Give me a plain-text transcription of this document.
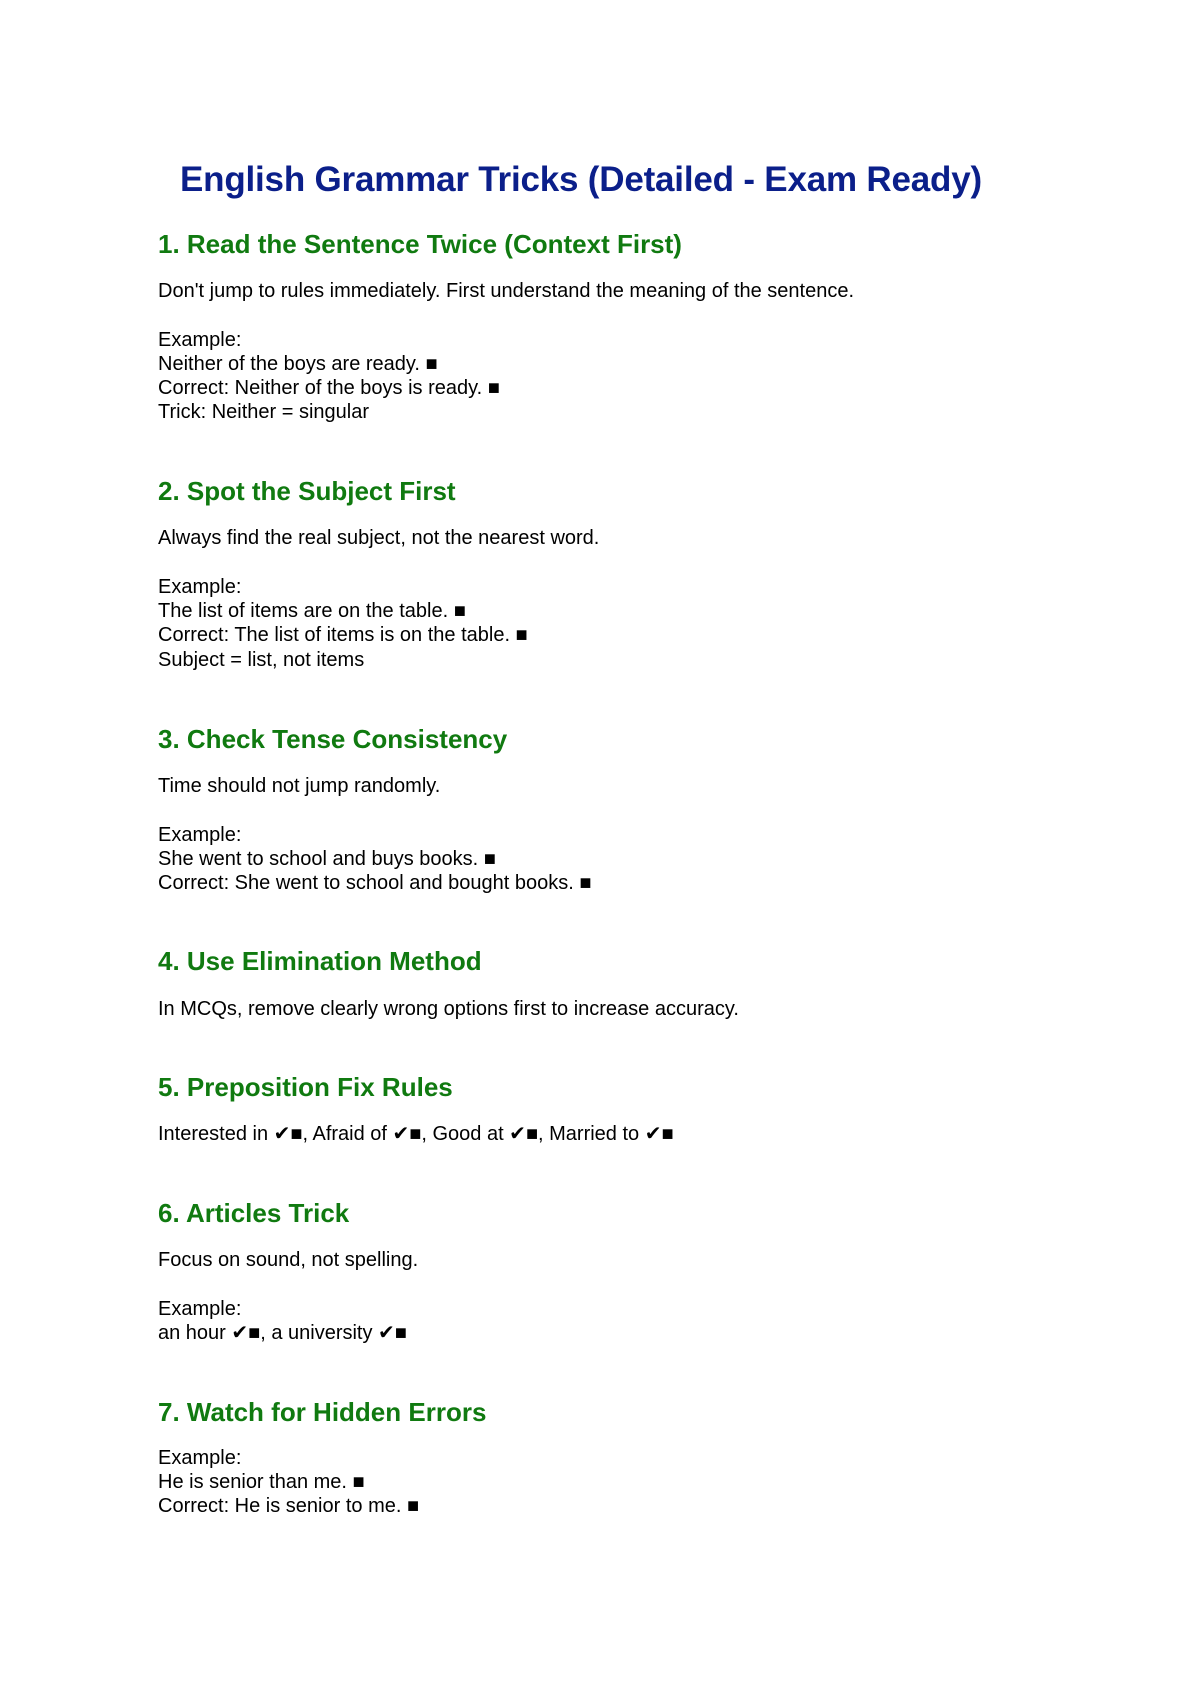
English Grammar Tricks (Detailed - Exam Ready)
1. Read the Sentence Twice (Context First)

Don't jump to rules immediately. First understand the meaning of the sentence.

Example:

Neither of the boys are ready. ■

Correct: Neither of the boys is ready. ■

Trick: Neither = singular

2. Spot the Subject First

Always find the real subject, not the nearest word.

Example:

The list of items are on the table. ■

Correct: The list of items is on the table. ■

Subject = list, not items

3. Check Tense Consistency

Time should not jump randomly.

Example:

She went to school and buys books. ■

Correct: She went to school and bought books. ■

4. Use Elimination Method

In MCQs, remove clearly wrong options first to increase accuracy.

5. Preposition Fix Rules

Interested in ✔■, Afraid of ✔■, Good at ✔■, Married to ✔■

6. Articles Trick

Focus on sound, not spelling.

Example:

an hour ✔■, a university ✔■

7. Watch for Hidden Errors

Example:

He is senior than me. ■

Correct: He is senior to me. ■
